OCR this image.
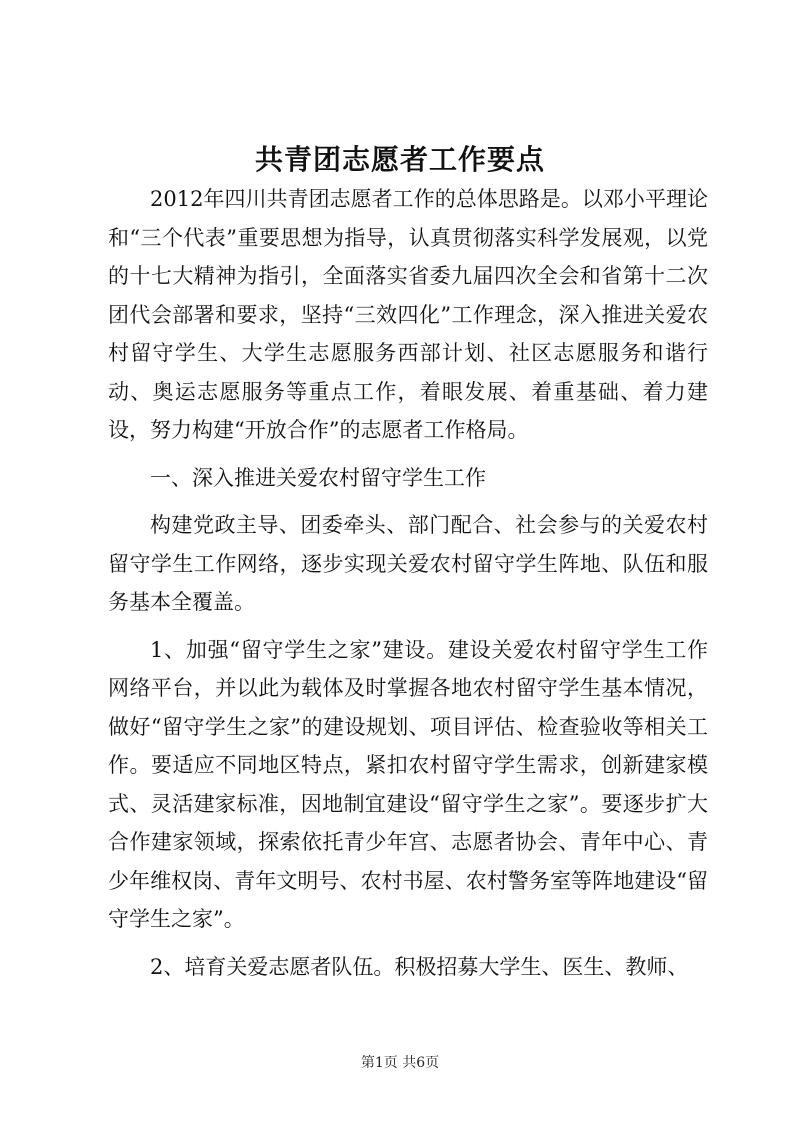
共青团志愿者工作要点

2012年四川共青团志愿者工作的总体思路是。以邓小平理论和“三个代表”重要思想为指导，认真贯彻落实科学发展观，以党的十七大精神为指引，全面落实省委九届四次全会和省第十二次团代会部署和要求，坚持“三效四化”工作理念，深入推进关爱农村留守学生、大学生志愿服务西部计划、社区志愿服务和谐行动、奥运志愿服务等重点工作，着眼发展、着重基础、着力建设，努力构建“开放合作”的志愿者工作格局。

一、深入推进关爱农村留守学生工作

构建党政主导、团委牵头、部门配合、社会参与的关爱农村留守学生工作网络，逐步实现关爱农村留守学生阵地、队伍和服务基本全覆盖。

1、加强“留守学生之家”建设。建设关爱农村留守学生工作网络平台，并以此为载体及时掌握各地农村留守学生基本情况，做好“留守学生之家”的建设规划、项目评估、检查验收等相关工作。要适应不同地区特点，紧扣农村留守学生需求，创新建家模式、灵活建家标准，因地制宜建设“留守学生之家”。要逐步扩大合作建家领域，探索依托青少年宫、志愿者协会、青年中心、青少年维权岗、青年文明号、农村书屋、农村警务室等阵地建设“留守学生之家”。

2、培育关爱志愿者队伍。积极招募大学生、医生、教师、

第1页 共6页
